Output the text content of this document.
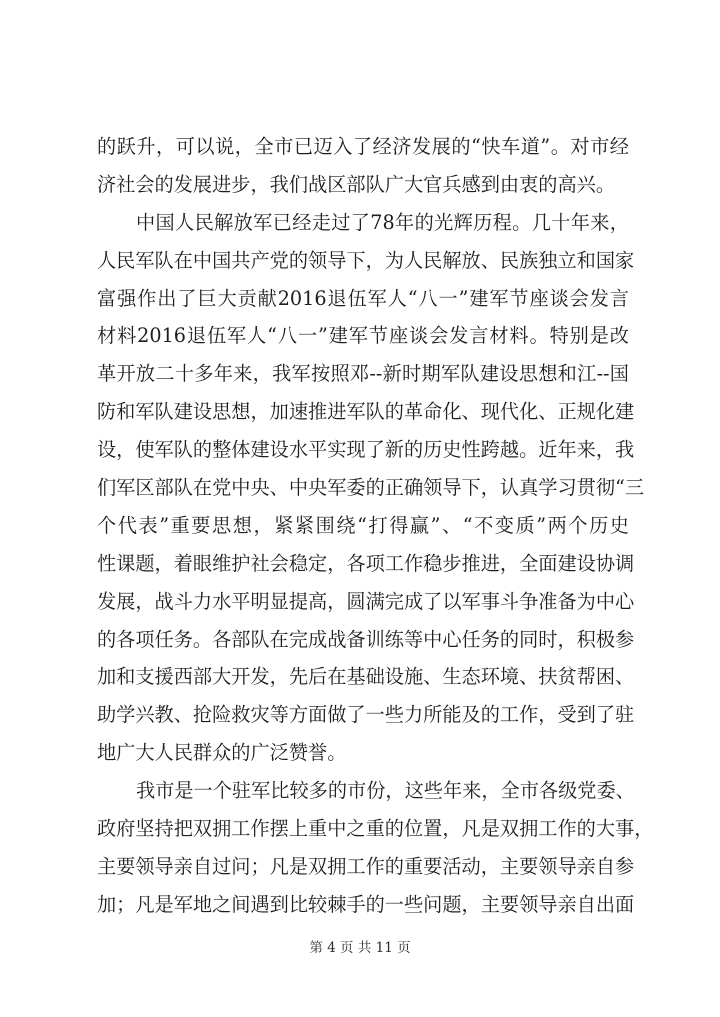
的跃升，可以说，全市已迈入了经济发展的“快车道”。对市经
济社会的发展进步，我们战区部队广大官兵感到由衷的高兴。
中国人民解放军已经走过了78年的光辉历程。几十年来，
人民军队在中国共产党的领导下，为人民解放、民族独立和国家
富强作出了巨大贡献2016退伍军人“八一”建军节座谈会发言
材料2016退伍军人“八一”建军节座谈会发言材料。特别是改
革开放二十多年来，我军按照邓--新时期军队建设思想和江--国
防和军队建设思想，加速推进军队的革命化、现代化、正规化建
设，使军队的整体建设水平实现了新的历史性跨越。近年来，我
们军区部队在党中央、中央军委的正确领导下，认真学习贯彻“三
个代表”重要思想，紧紧围绕“打得赢”、“不变质”两个历史
性课题，着眼维护社会稳定，各项工作稳步推进，全面建设协调
发展，战斗力水平明显提高，圆满完成了以军事斗争准备为中心
的各项任务。各部队在完成战备训练等中心任务的同时，积极参
加和支援西部大开发，先后在基础设施、生态环境、扶贫帮困、
助学兴教、抢险救灾等方面做了一些力所能及的工作，受到了驻
地广大人民群众的广泛赞誉。
我市是一个驻军比较多的市份，这些年来，全市各级党委、
政府坚持把双拥工作摆上重中之重的位置，凡是双拥工作的大事，
主要领导亲自过问；凡是双拥工作的重要活动，主要领导亲自参
加；凡是军地之间遇到比较棘手的一些问题，主要领导亲自出面
第 4 页 共 11 页
